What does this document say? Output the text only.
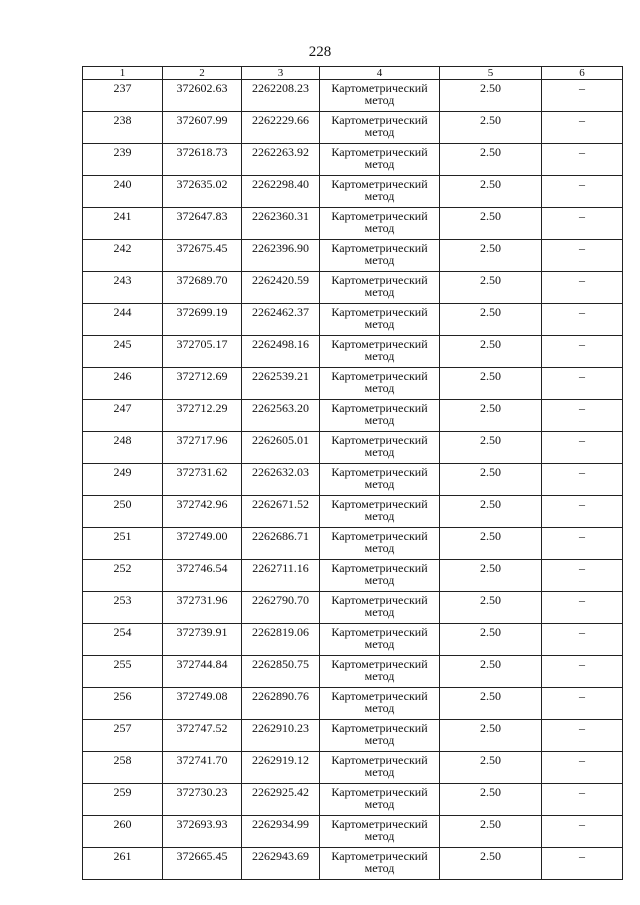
228
1	2	3	4	5	6
237	372602.63	2262208.23	Картометрический метод	2.50	–
238	372607.99	2262229.66	Картометрический метод	2.50	–
239	372618.73	2262263.92	Картометрический метод	2.50	–
240	372635.02	2262298.40	Картометрический метод	2.50	–
241	372647.83	2262360.31	Картометрический метод	2.50	–
242	372675.45	2262396.90	Картометрический метод	2.50	–
243	372689.70	2262420.59	Картометрический метод	2.50	–
244	372699.19	2262462.37	Картометрический метод	2.50	–
245	372705.17	2262498.16	Картометрический метод	2.50	–
246	372712.69	2262539.21	Картометрический метод	2.50	–
247	372712.29	2262563.20	Картометрический метод	2.50	–
248	372717.96	2262605.01	Картометрический метод	2.50	–
249	372731.62	2262632.03	Картометрический метод	2.50	–
250	372742.96	2262671.52	Картометрический метод	2.50	–
251	372749.00	2262686.71	Картометрический метод	2.50	–
252	372746.54	2262711.16	Картометрический метод	2.50	–
253	372731.96	2262790.70	Картометрический метод	2.50	–
254	372739.91	2262819.06	Картометрический метод	2.50	–
255	372744.84	2262850.75	Картометрический метод	2.50	–
256	372749.08	2262890.76	Картометрический метод	2.50	–
257	372747.52	2262910.23	Картометрический метод	2.50	–
258	372741.70	2262919.12	Картометрический метод	2.50	–
259	372730.23	2262925.42	Картометрический метод	2.50	–
260	372693.93	2262934.99	Картометрический метод	2.50	–
261	372665.45	2262943.69	Картометрический метод	2.50	–
